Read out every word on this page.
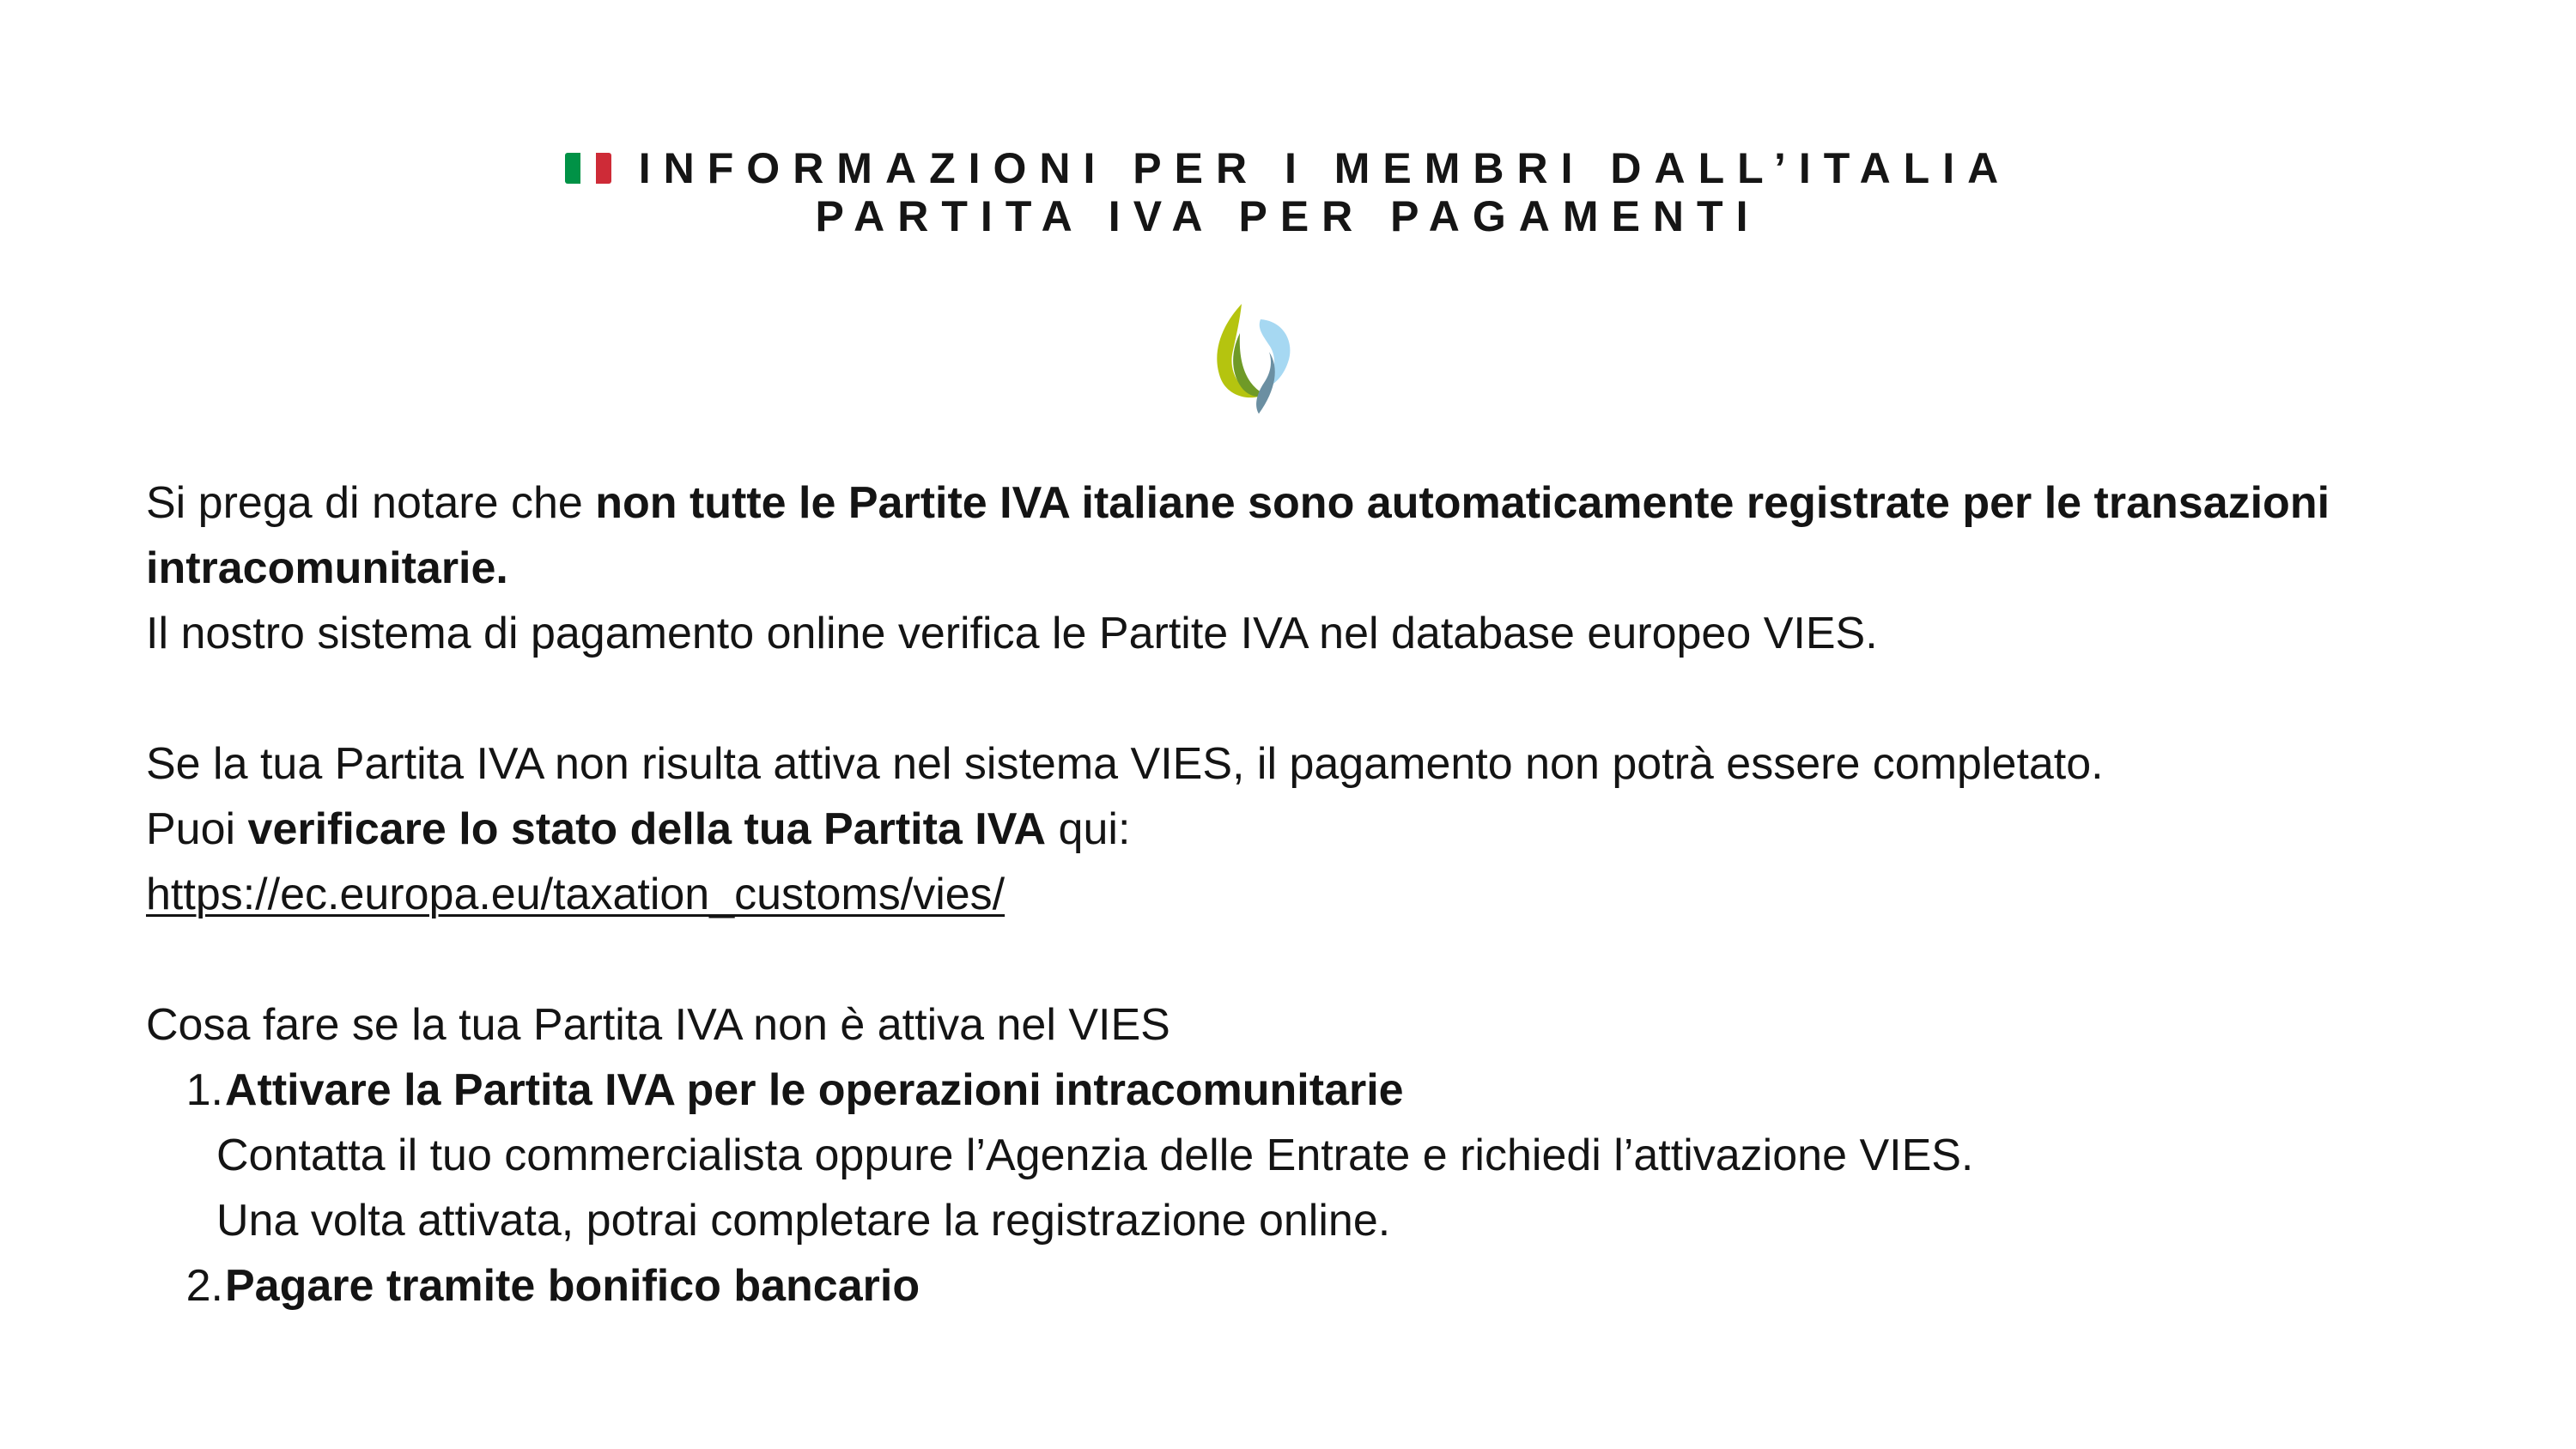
INFORMAZIONI PER I MEMBRI DALL’ITALIA
PARTITA IVA PER PAGAMENTI

Si prega di notare che non tutte le Partite IVA italiane sono automaticamente registrate per le transazioni intracomunitarie.

Il nostro sistema di pagamento online verifica le Partite IVA nel database europeo VIES.

Se la tua Partita IVA non risulta attiva nel sistema VIES, il pagamento non potrà essere completato.

Puoi verificare lo stato della tua Partita IVA qui:

https://ec.europa.eu/taxation_customs/vies/

Cosa fare se la tua Partita IVA non è attiva nel VIES

1. Attivare la Partita IVA per le operazioni intracomunitarie
Contatta il tuo commercialista oppure l’Agenzia delle Entrate e richiedi l’attivazione VIES.
Una volta attivata, potrai completare la registrazione online.
2. Pagare tramite bonifico bancario
